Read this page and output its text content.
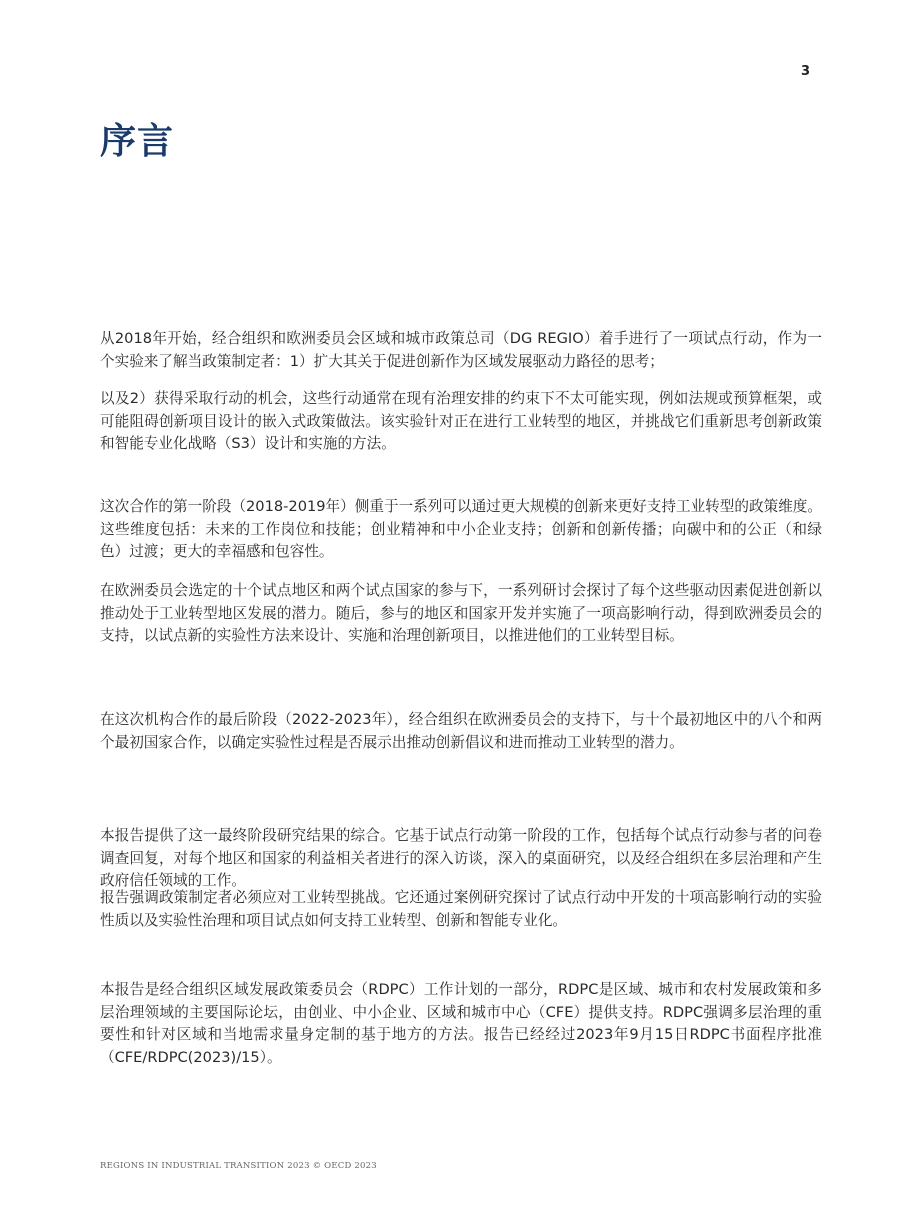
3
序言

从2018年开始，经合组织和欧洲委员会区域和城市政策总司（DG REGIO）着手进行了一项试点行动，作为一个实验来了解当政策制定者：1）扩大其关于促进创新作为区域发展驱动力路径的思考；

以及2）获得采取行动的机会，这些行动通常在现有治理安排的约束下不太可能实现，例如法规或预算框架，或可能阻碍创新项目设计的嵌入式政策做法。该实验针对正在进行工业转型的地区，并挑战它们重新思考创新政策和智能专业化战略（S3）设计和实施的方法。

这次合作的第一阶段（2018-2019年）侧重于一系列可以通过更大规模的创新来更好支持工业转型的政策维度。这些维度包括：未来的工作岗位和技能；创业精神和中小企业支持；创新和创新传播；向碳中和的公正（和绿色）过渡；更大的幸福感和包容性。

在欧洲委员会选定的十个试点地区和两个试点国家的参与下，一系列研讨会探讨了每个这些驱动因素促进创新以推动处于工业转型地区发展的潜力。随后，参与的地区和国家开发并实施了一项高影响行动，得到欧洲委员会的支持，以试点新的实验性方法来设计、实施和治理创新项目，以推进他们的工业转型目标。

在这次机构合作的最后阶段（2022-2023年），经合组织在欧洲委员会的支持下，与十个最初地区中的八个和两个最初国家合作，以确定实验性过程是否展示出推动创新倡议和进而推动工业转型的潜力。

本报告提供了这一最终阶段研究结果的综合。它基于试点行动第一阶段的工作，包括每个试点行动参与者的问卷调查回复，对每个地区和国家的利益相关者进行的深入访谈，深入的桌面研究，以及经合组织在多层治理和产生政府信任领域的工作。

报告强调政策制定者必须应对工业转型挑战。它还通过案例研究探讨了试点行动中开发的十项高影响行动的实验性质以及实验性治理和项目试点如何支持工业转型、创新和智能专业化。

本报告是经合组织区域发展政策委员会（RDPC）工作计划的一部分，RDPC是区域、城市和农村发展政策和多层治理领域的主要国际论坛，由创业、中小企业、区域和城市中心（CFE）提供支持。RDPC强调多层治理的重要性和针对区域和当地需求量身定制的基于地方的方法。报告已经经过2023年9月15日RDPC书面程序批准（CFE/RDPC(2023)/15）。

REGIONS IN INDUSTRIAL TRANSITION 2023 © OECD 2023
